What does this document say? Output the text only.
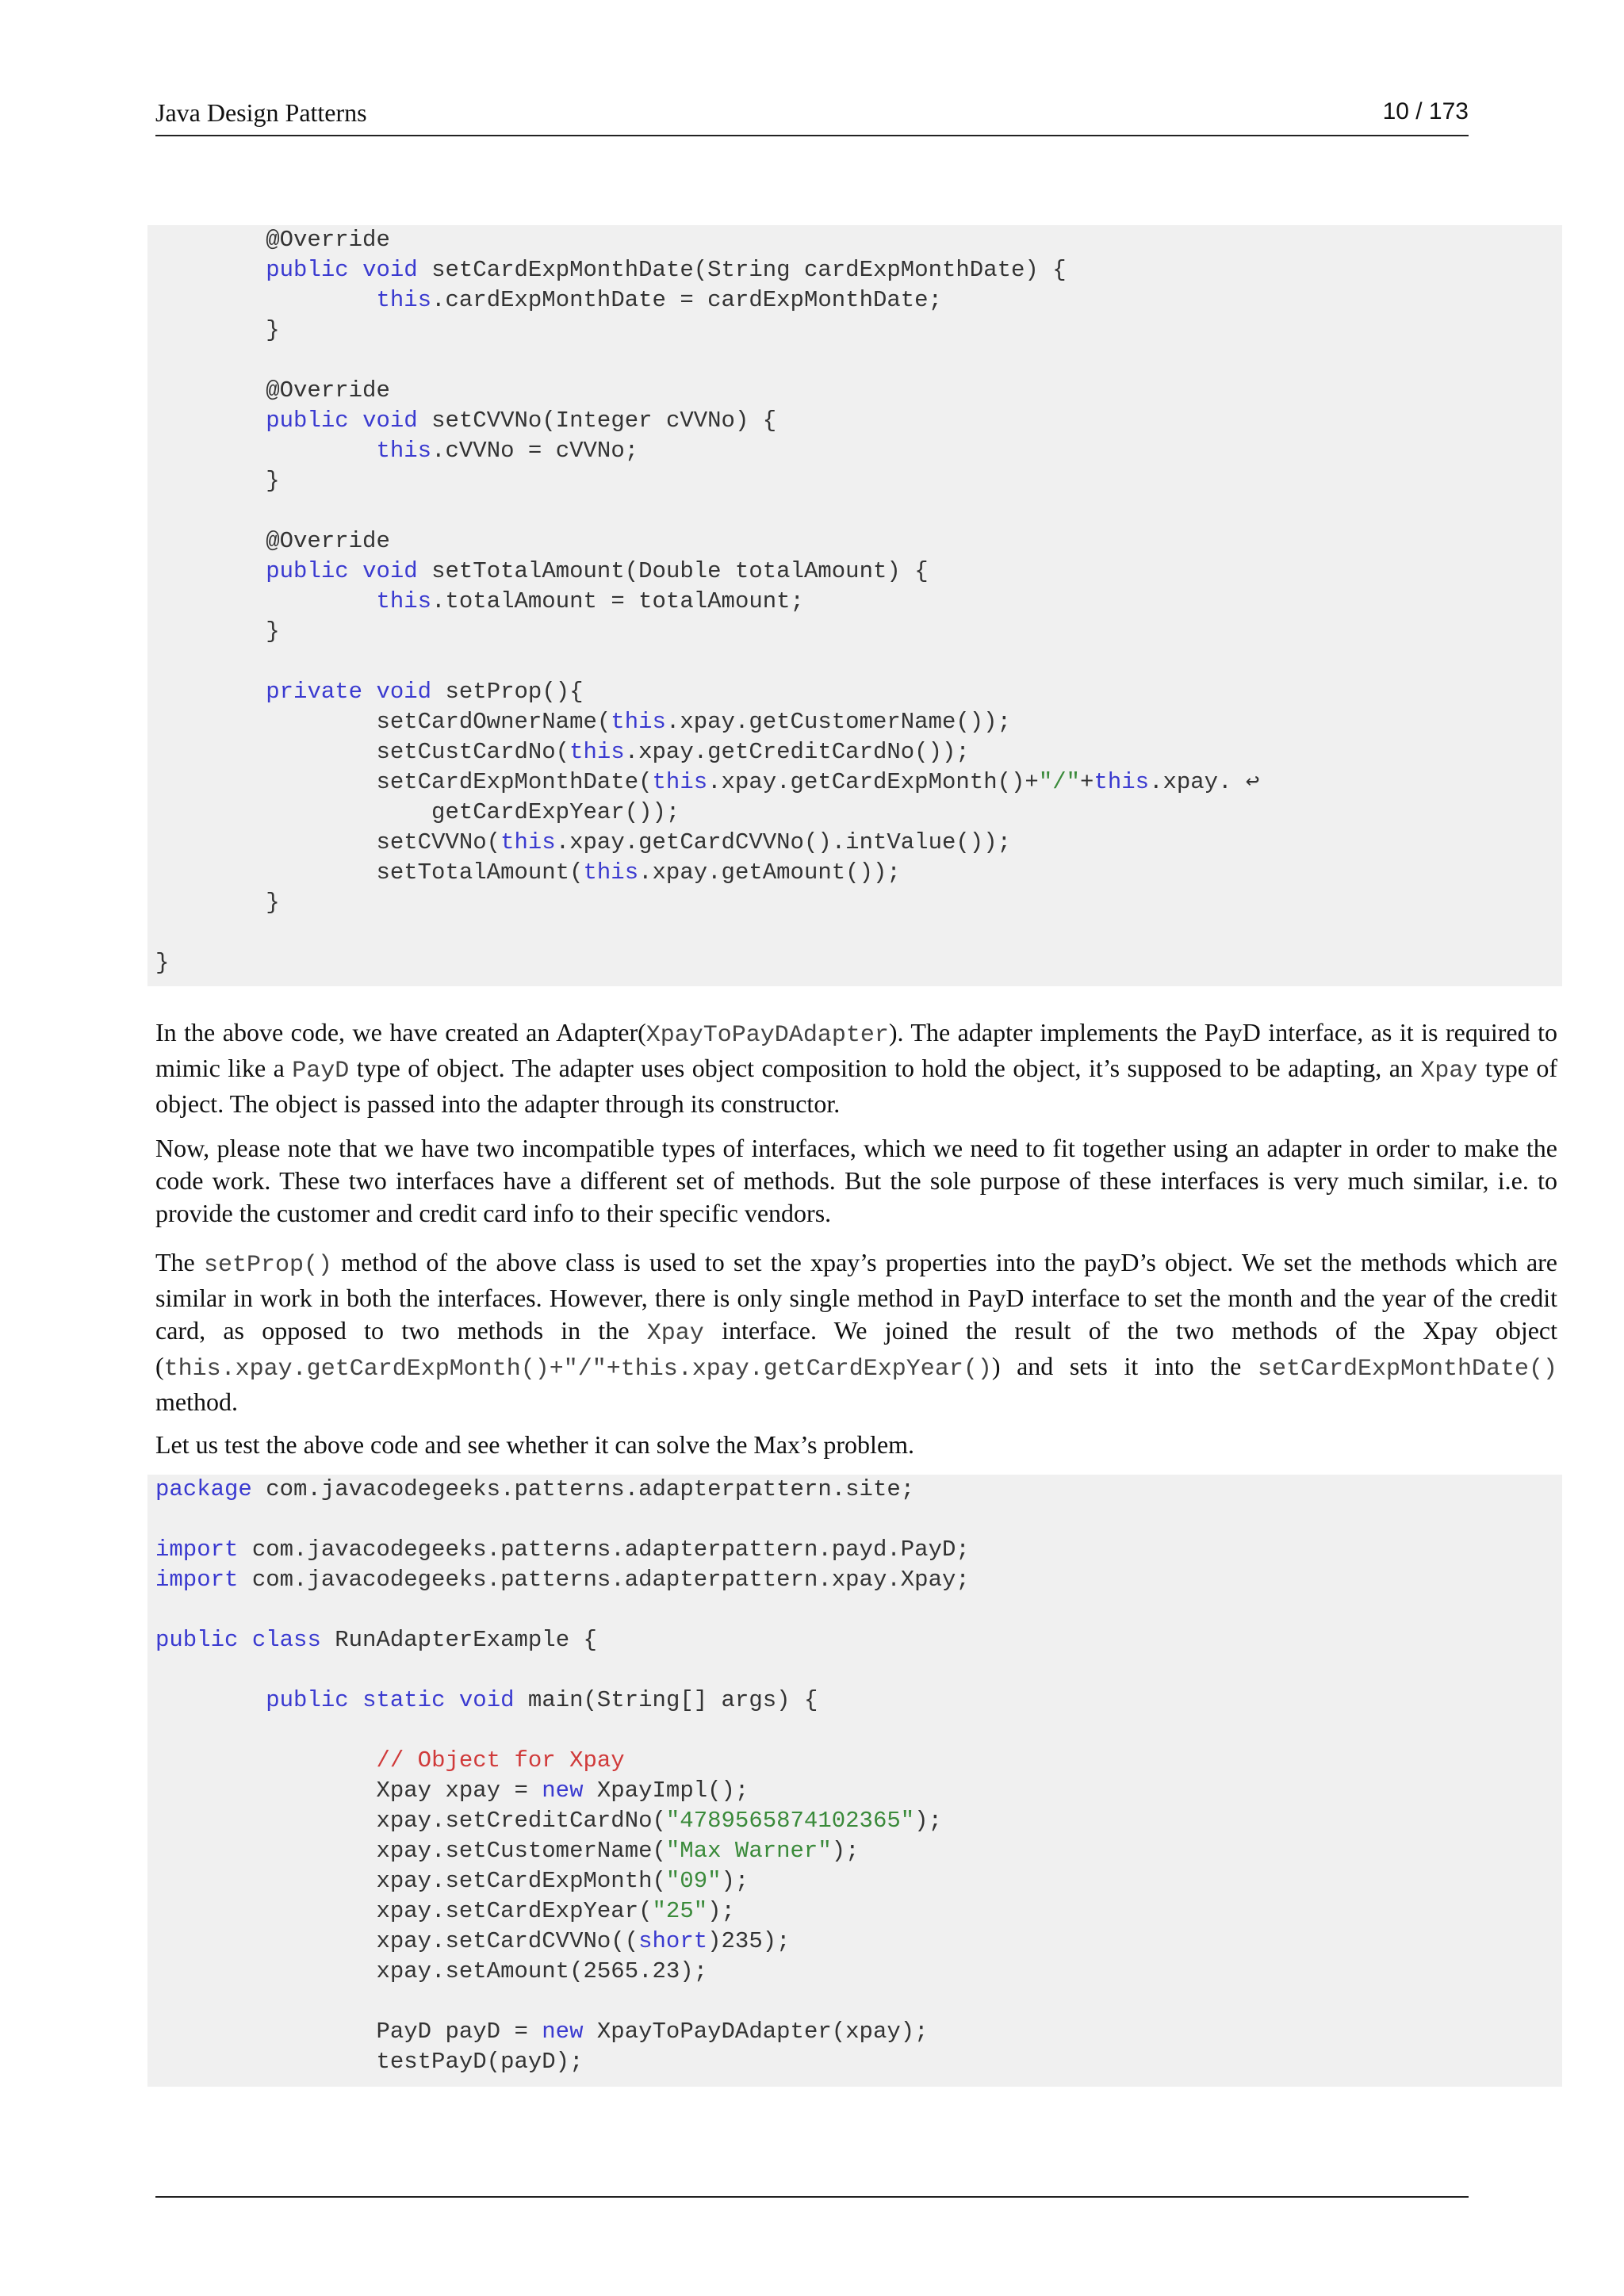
Java Design Patterns	10 / 173
@Override
public void setCardExpMonthDate(String cardExpMonthDate) {
this.cardExpMonthDate = cardExpMonthDate;
}
@Override
public void setCVVNo(Integer cVVNo) {
this.cVVNo = cVVNo;
}
@Override
public void setTotalAmount(Double totalAmount) {
this.totalAmount = totalAmount;
}
private void setProp(){
setCardOwnerName(this.xpay.getCustomerName());
setCustCardNo(this.xpay.getCreditCardNo());
setCardExpMonthDate(this.xpay.getCardExpMonth()+"/"+this.xpay. ↩
getCardExpYear());
setCVVNo(this.xpay.getCardCVVNo().intValue());
setTotalAmount(this.xpay.getAmount());
}
}

In the above code, we have created an Adapter(XpayToPayDAdapter). The adapter implements the PayD interface, as it is required to mimic like a PayD type of object. The adapter uses object composition to hold the object, it’s supposed to be adapting, an Xpay type of object. The object is passed into the adapter through its constructor.

Now, please note that we have two incompatible types of interfaces, which we need to fit together using an adapter in order to make the code work. These two interfaces have a different set of methods. But the sole purpose of these interfaces is very much similar, i.e. to provide the customer and credit card info to their specific vendors.

The setProp() method of the above class is used to set the xpay’s properties into the payD’s object. We set the methods which are similar in work in both the interfaces. However, there is only single method in PayD interface to set the month and the year of the credit card, as opposed to two methods in the Xpay interface. We joined the result of the two methods of the Xpay object (this.xpay.getCardExpMonth()+"/"+this.xpay.getCardExpYear()) and sets it into the setCardExpMonthDate() method.

Let us test the above code and see whether it can solve the Max’s problem.

package com.javacodegeeks.patterns.adapterpattern.site;
import com.javacodegeeks.patterns.adapterpattern.payd.PayD;
import com.javacodegeeks.patterns.adapterpattern.xpay.Xpay;
public class RunAdapterExample {
public static void main(String[] args) {
// Object for Xpay
Xpay xpay = new XpayImpl();
xpay.setCreditCardNo("4789565874102365");
xpay.setCustomerName("Max Warner");
xpay.setCardExpMonth("09");
xpay.setCardExpYear("25");
xpay.setCardCVVNo((short)235);
xpay.setAmount(2565.23);
PayD payD = new XpayToPayDAdapter(xpay);
testPayD(payD);
